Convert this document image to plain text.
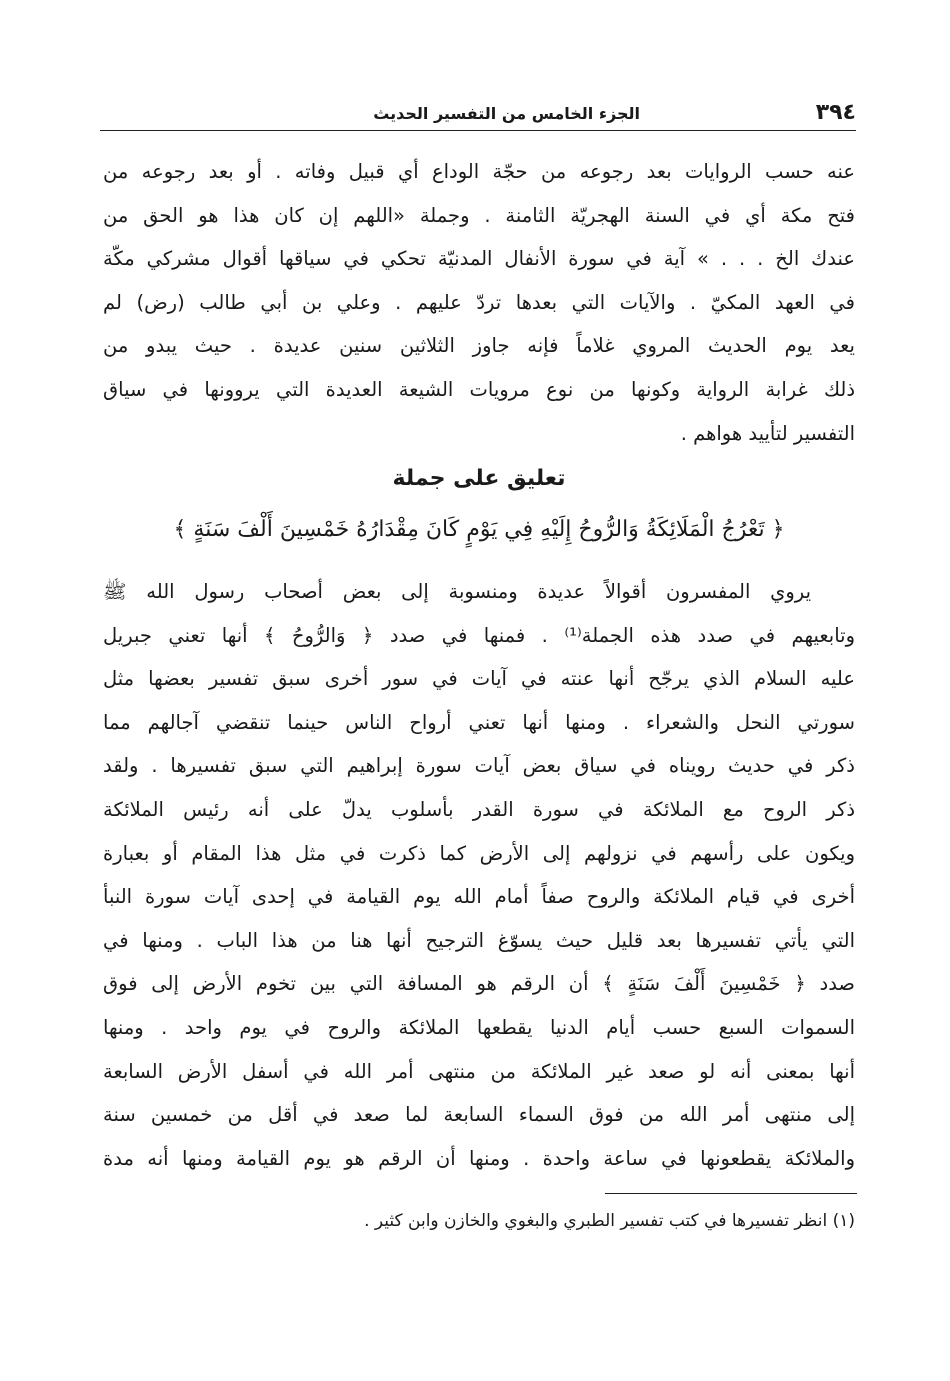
٣٩٤
الجزء الخامس من التفسير الحديث
عنه حسب الروايات بعد رجوعه من حجّة الوداع أي قبيل وفاته . أو بعد رجوعه من
فتح مكة أي في السنة الهجريّة الثامنة . وجملة «اللهم إن كان هذا هو الحق من
عندك الخ . . . » آية في سورة الأنفال المدنيّة تحكي في سياقها أقوال مشركي مكّة
في العهد المكيّ . والآيات التي بعدها تردّ عليهم . وعلي بن أبي طالب (رض) لم
يعد يوم الحديث المروي غلاماً فإنه جاوز الثلاثين سنين عديدة . حيث يبدو من
ذلك غرابة الرواية وكونها من نوع مرويات الشيعة العديدة التي يروونها في سياق
التفسير لتأييد هواهم .
تعليق على جملة
﴿ تَعْرُجُ الْمَلَائِكَةُ وَالرُّوحُ إِلَيْهِ فِي يَوْمٍ كَانَ مِقْدَارُهُ خَمْسِينَ أَلْفَ سَنَةٍ ﴾
يروي المفسرون أقوالاً عديدة ومنسوبة إلى بعض أصحاب رسول الله ﷺ
وتابعيهم في صدد هذه الجملة⁽¹⁾ . فمنها في صدد ﴿ وَالرُّوحُ ﴾ أنها تعني جبريل
عليه السلام الذي يرجّح أنها عنته في آيات في سور أخرى سبق تفسير بعضها مثل
سورتي النحل والشعراء . ومنها أنها تعني أرواح الناس حينما تنقضي آجالهم مما
ذكر في حديث رويناه في سياق بعض آيات سورة إبراهيم التي سبق تفسيرها . ولقد
ذكر الروح مع الملائكة في سورة القدر بأسلوب يدلّ على أنه رئيس الملائكة
ويكون على رأسهم في نزولهم إلى الأرض كما ذكرت في مثل هذا المقام أو بعبارة
أخرى في قيام الملائكة والروح صفاً أمام الله يوم القيامة في إحدى آيات سورة النبأ
التي يأتي تفسيرها بعد قليل حيث يسوّغ الترجيح أنها هنا من هذا الباب . ومنها في
صدد ﴿ خَمْسِينَ أَلْفَ سَنَةٍ ﴾ أن الرقم هو المسافة التي بين تخوم الأرض إلى فوق
السموات السبع حسب أيام الدنيا يقطعها الملائكة والروح في يوم واحد . ومنها
أنها بمعنى أنه لو صعد غير الملائكة من منتهى أمر الله في أسفل الأرض السابعة
إلى منتهى أمر الله من فوق السماء السابعة لما صعد في أقل من خمسين سنة
والملائكة يقطعونها في ساعة واحدة . ومنها أن الرقم هو يوم القيامة ومنها أنه مدة
(١) انظر تفسيرها في كتب تفسير الطبري والبغوي والخازن وابن كثير .
